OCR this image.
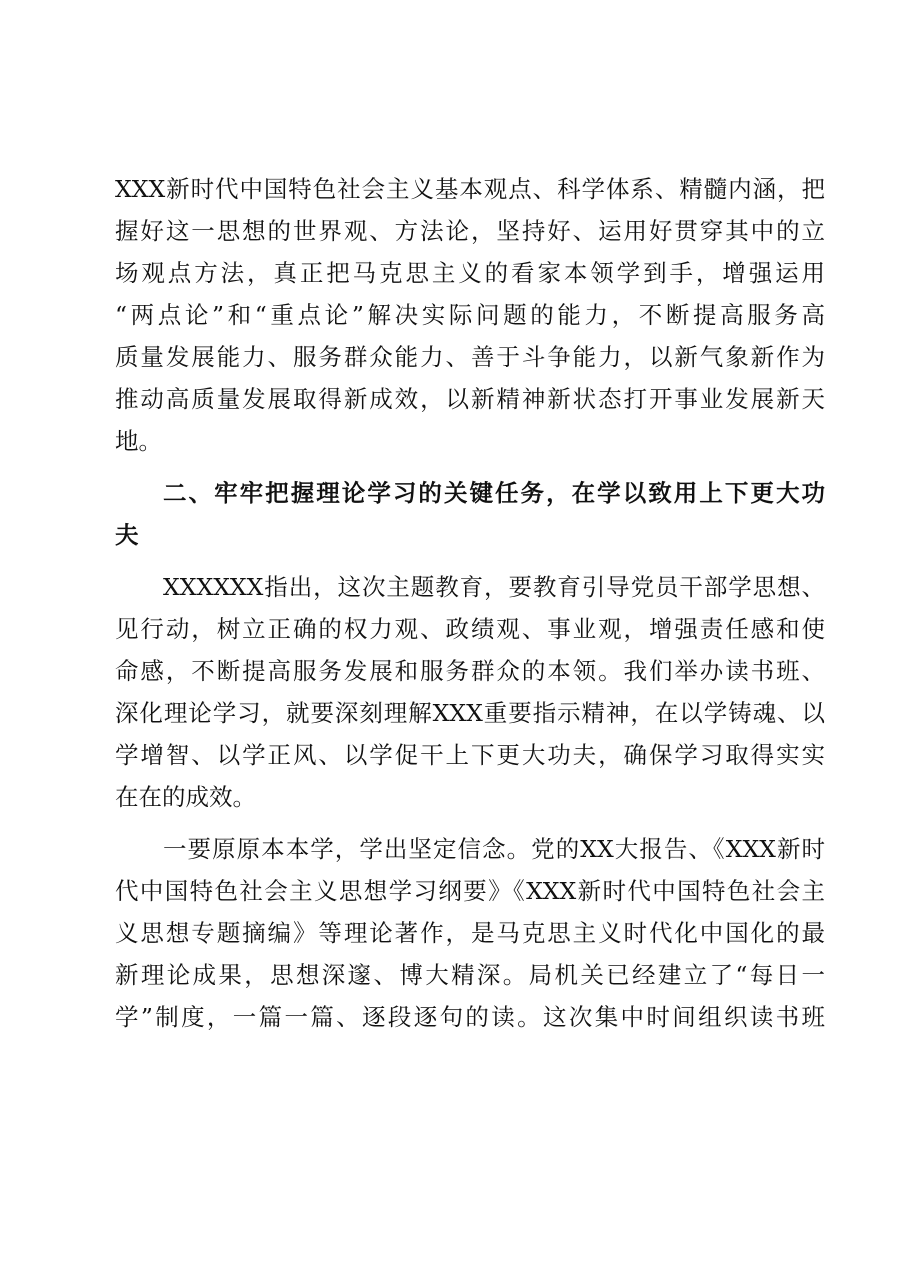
XXX新时代中国特色社会主义基本观点、科学体系、精髓内涵，把
握好这一思想的世界观、方法论，坚持好、运用好贯穿其中的立
场观点方法，真正把马克思主义的看家本领学到手，增强运用
“两点论”和“重点论”解决实际问题的能力，不断提高服务高
质量发展能力、服务群众能力、善于斗争能力，以新气象新作为
推动高质量发展取得新成效，以新精神新状态打开事业发展新天
地。
二、牢牢把握理论学习的关键任务，在学以致用上下更大功
夫
XXXXXX指出，这次主题教育，要教育引导党员干部学思想、
见行动，树立正确的权力观、政绩观、事业观，增强责任感和使
命感，不断提高服务发展和服务群众的本领。我们举办读书班、
深化理论学习，就要深刻理解XXX重要指示精神，在以学铸魂、以
学增智、以学正风、以学促干上下更大功夫，确保学习取得实实
在在的成效。
一要原原本本学，学出坚定信念。党的XX大报告、《XXX新时
代中国特色社会主义思想学习纲要》《XXX新时代中国特色社会主
义思想专题摘编》等理论著作，是马克思主义时代化中国化的最
新理论成果，思想深邃、博大精深。局机关已经建立了“每日一
学”制度，一篇一篇、逐段逐句的读。这次集中时间组织读书班
